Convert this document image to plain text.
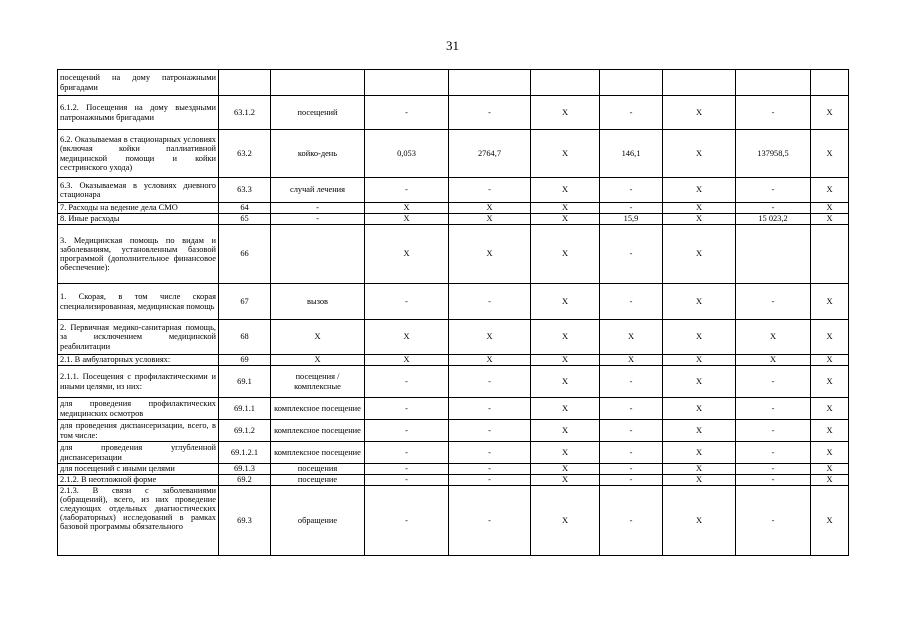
31
посещений на дому патронажными бригадами									
6.1.2. Посещения на дому выездными патронажными бригадами	63.1.2	посещений	-	-	X	-	X	-	X
6.2. Оказываемая в стационарных условиях (включая койки паллиативной медицинской помощи и койки сестринского ухода)	63.2	койко-день	0,053	2764,7	X	146,1	X	137958,5	X
6.3. Оказываемая в условиях дневного стационара	63.3	случай лечения	-	-	X	-	X	-	X
7. Расходы на ведение дела СМО	64	-	X	X	X	-	X	-	X
8. Иные расходы	65	-	X	X	X	15,9	X	15 023,2	X
3. Медицинская помощь по видам и заболеваниям, установленным базовой программой (дополнительное финансовое обеспечение):	66		X	X	X	-	X		
1. Скорая, в том числе скорая специализированная, медицинская помощь	67	вызов	-	-	X	-	X	-	X
2. Первичная медико-санитарная помощь, за исключением медицинской реабилитации	68	X	X	X	X	X	X	X	X
2.1. В амбулаторных условиях:	69	X	X	X	X	X	X	X	X
2.1.1. Посещения с профилактическими и иными целями, из них:	69.1	посещения / комплексные	-	-	X	-	X	-	X
для проведения профилактических медицинских осмотров	69.1.1	комплексное посещение	-	-	X	-	X	-	X
для проведения диспансеризации, всего, в том числе:	69.1.2	комплексное посещение	-	-	X	-	X	-	X
для проведения углубленной диспансеризации	69.1.2.1	комплексное посещение	-	-	X	-	X	-	X
для посещений с иными целями	69.1.3	посещения	-	-	X	-	X	-	X
2.1.2. В неотложной форме	69.2	посещение	-	-	X	-	X	-	X
2.1.3. В связи с заболеваниями (обращений), всего, из них проведение следующих отдельных диагностических (лабораторных) исследований в рамках базовой программы обязательного	69.3	обращение	-	-	X	-	X	-	X
